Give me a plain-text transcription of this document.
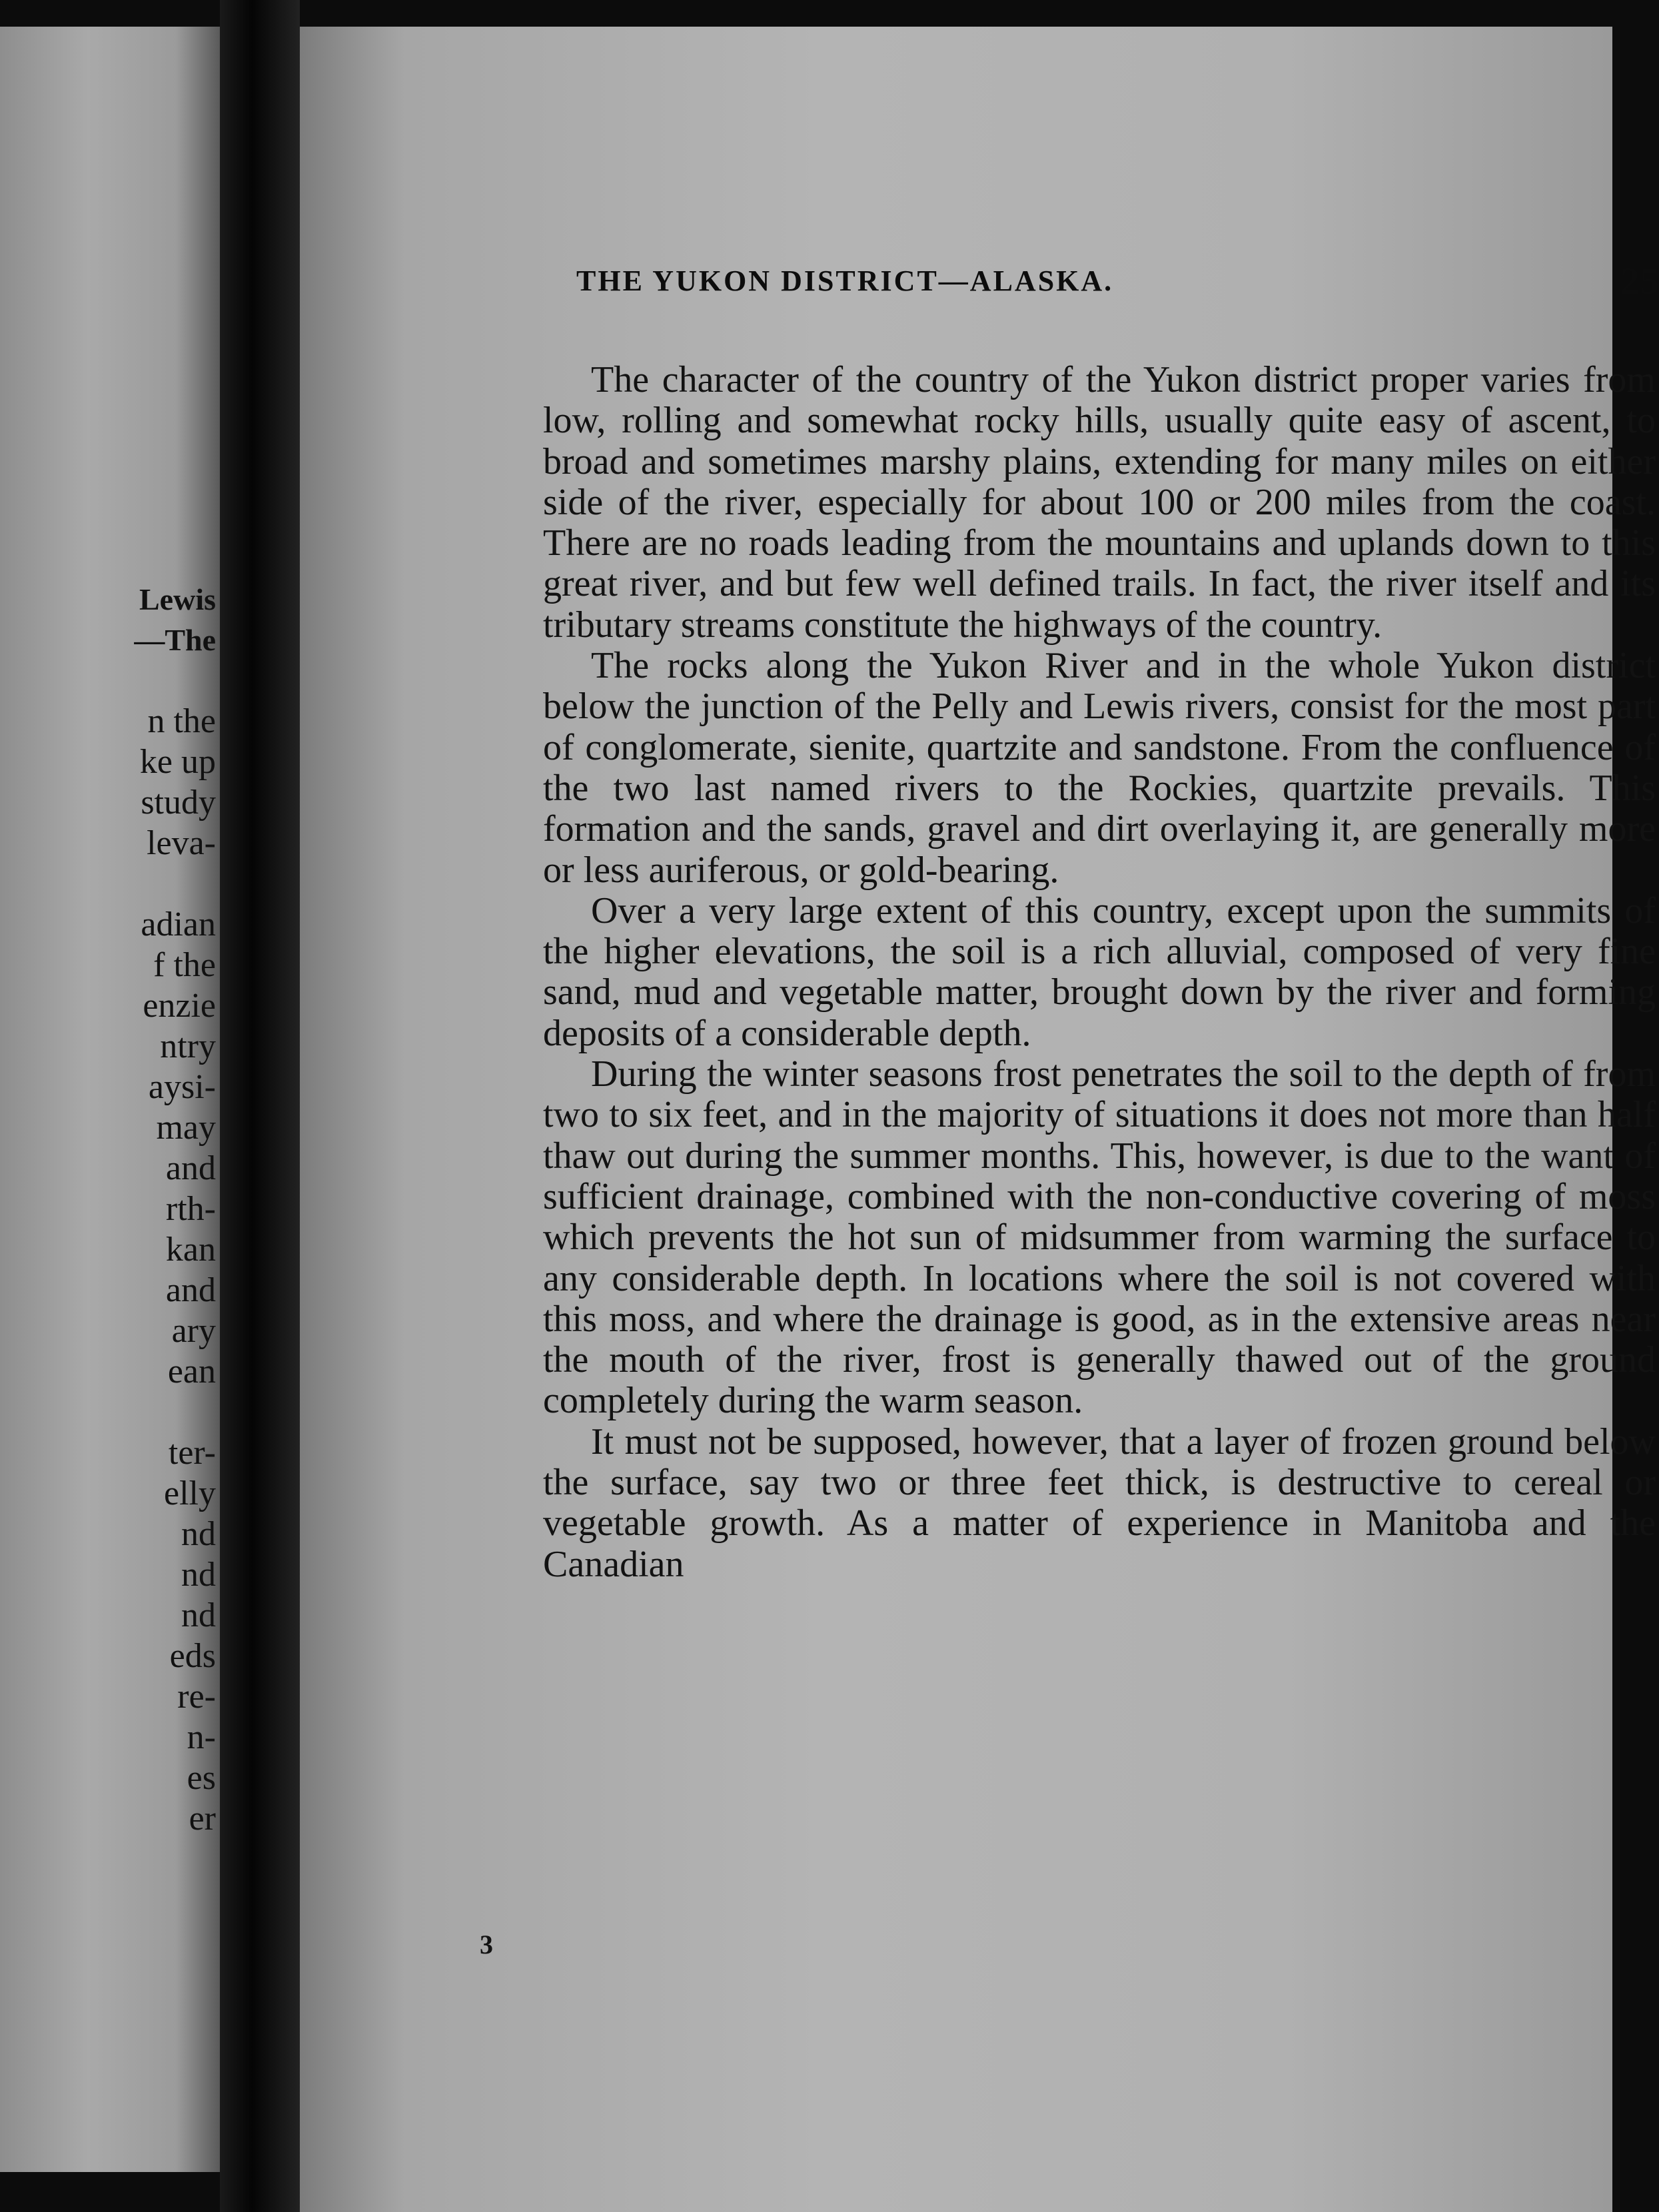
Lewis
—The
n the
ke up
study
leva-
adian
f the
enzie
ntry
aysi-
may
and
rth-
kan
and
ary
ean
ter-
elly
nd
nd
nd
eds
re-
n-
es
er
THE YUKON DISTRICT—ALASKA.	25

The character of the country of the Yukon district proper varies from low, rolling and somewhat rocky hills, usually quite easy of ascent, to broad and sometimes marshy plains, extending for many miles on either side of the river, especially for about 100 or 200 miles from the coast. There are no roads leading from the mountains and uplands down to this great river, and but few well defined trails. In fact, the river itself and its tributary streams constitute the highways of the country.

The rocks along the Yukon River and in the whole Yukon district below the junction of the Pelly and Lewis rivers, consist for the most part of conglomerate, sienite, quartzite and sandstone. From the confluence of the two last named rivers to the Rockies, quartzite prevails. This formation and the sands, gravel and dirt overlaying it, are generally more or less auriferous, or gold-bearing.

Over a very large extent of this country, except upon the summits of the higher elevations, the soil is a rich alluvial, composed of very fine sand, mud and vegetable matter, brought down by the river and forming deposits of a considerable depth.

During the winter seasons frost penetrates the soil to the depth of from two to six feet, and in the majority of situations it does not more than half thaw out during the summer months. This, however, is due to the want of sufficient drainage, combined with the non-conductive covering of moss which prevents the hot sun of midsummer from warming the surface to any considerable depth. In locations where the soil is not covered with this moss, and where the drainage is good, as in the extensive areas near the mouth of the river, frost is generally thawed out of the ground completely during the warm season.

It must not be supposed, however, that a layer of frozen ground below the surface, say two or three feet thick, is destructive to cereal or vegetable growth. As a matter of experience in Manitoba and the Canadian

3
